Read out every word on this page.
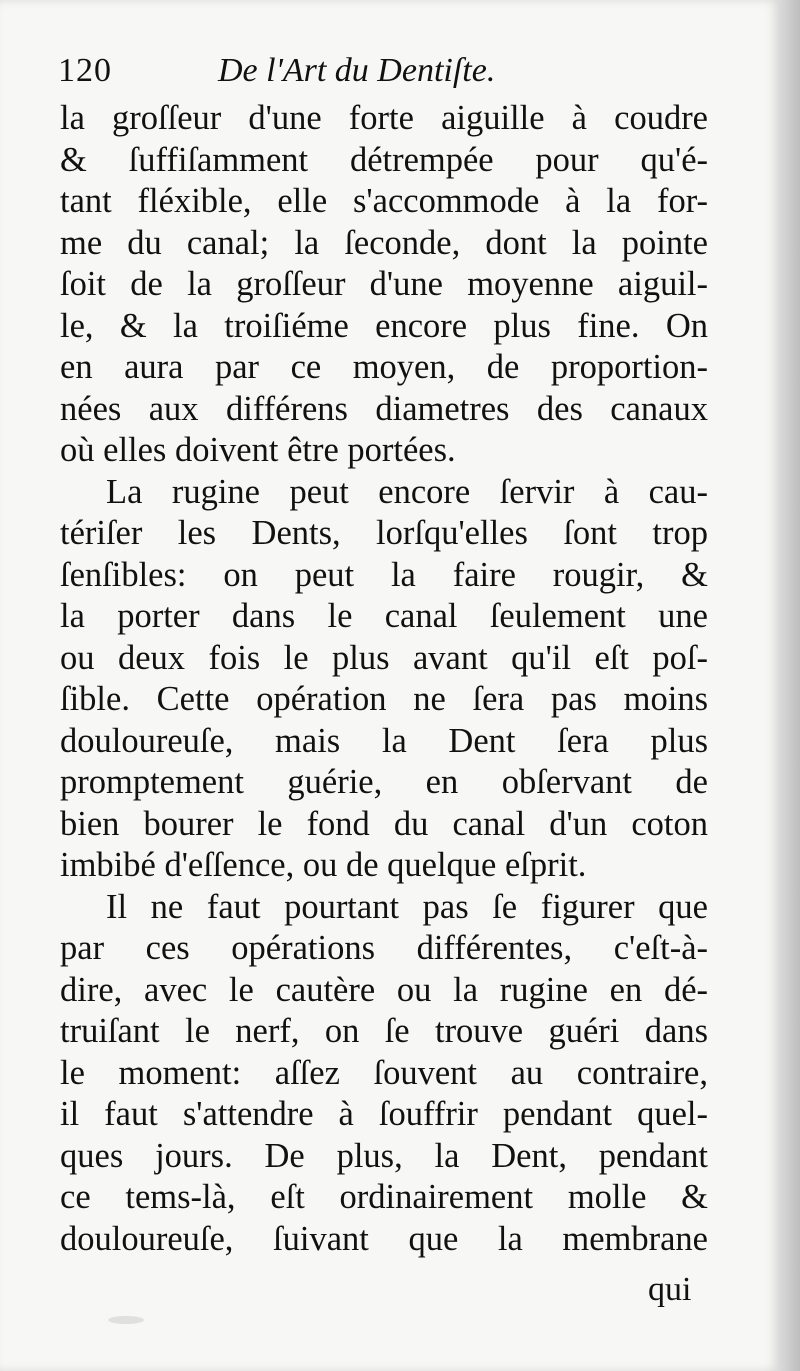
120	De l'Art du Dentiſte.
la groſſeur d'une forte aiguille à coudre
& ſuffiſamment détrempée pour qu'é-
tant fléxible, elle s'accommode à la for-
me du canal; la ſeconde, dont la pointe
ſoit de la groſſeur d'une moyenne aiguil-
le, & la troiſiéme encore plus fine. On
en aura par ce moyen, de proportion-
nées aux différens diametres des canaux
où elles doivent être portées.
La rugine peut encore ſervir à cau-
tériſer les Dents, lorſqu'elles ſont trop
ſenſibles: on peut la faire rougir, &
la porter dans le canal ſeulement une
ou deux fois le plus avant qu'il eſt poſ-
ſible. Cette opération ne ſera pas moins
douloureuſe, mais la Dent ſera plus
promptement guérie, en obſervant de
bien bourer le fond du canal d'un coton
imbibé d'eſſence, ou de quelque eſprit.
Il ne faut pourtant pas ſe figurer que
par ces opérations différentes, c'eſt-à-
dire, avec le cautère ou la rugine en dé-
truiſant le nerf, on ſe trouve guéri dans
le moment: aſſez ſouvent au contraire,
il faut s'attendre à ſouffrir pendant quel-
ques jours. De plus, la Dent, pendant
ce tems-là, eſt ordinairement molle &
douloureuſe, ſuivant que la membrane
qui
